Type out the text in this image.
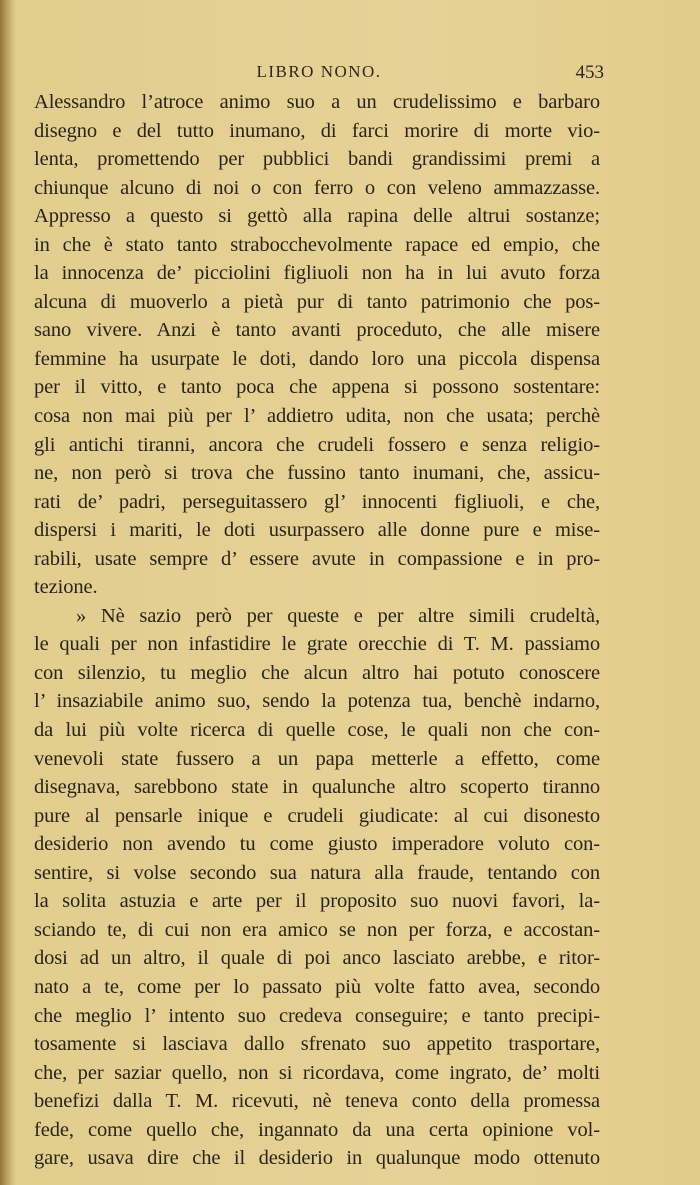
LIBRO NONO.	453
Alessandro l’atroce animo suo a un crudelissimo e barbaro
disegno e del tutto inumano, di farci morire di morte vio-
lenta, promettendo per pubblici bandi grandissimi premi a
chiunque alcuno di noi o con ferro o con veleno ammazzasse.
Appresso a questo si gettò alla rapina delle altrui sostanze;
in che è stato tanto strabocchevolmente rapace ed empio, che
la innocenza de’ picciolini figliuoli non ha in lui avuto forza
alcuna di muoverlo a pietà pur di tanto patrimonio che pos-
sano vivere. Anzi è tanto avanti proceduto, che alle misere
femmine ha usurpate le doti, dando loro una piccola dispensa
per il vitto, e tanto poca che appena si possono sostentare:
cosa non mai più per l’ addietro udita, non che usata; perchè
gli antichi tiranni, ancora che crudeli fossero e senza religio-
ne, non però si trova che fussino tanto inumani, che, assicu-
rati de’ padri, perseguitassero gl’ innocenti figliuoli, e che,
dispersi i mariti, le doti usurpassero alle donne pure e mise-
rabili, usate sempre d’ essere avute in compassione e in pro-
tezione.
» Nè sazio però per queste e per altre simili crudeltà,
le quali per non infastidire le grate orecchie di T. M. passiamo
con silenzio, tu meglio che alcun altro hai potuto conoscere
l’ insaziabile animo suo, sendo la potenza tua, benchè indarno,
da lui più volte ricerca di quelle cose, le quali non che con-
venevoli state fussero a un papa metterle a effetto, come
disegnava, sarebbono state in qualunche altro scoperto tiranno
pure al pensarle inique e crudeli giudicate: al cui disonesto
desiderio non avendo tu come giusto imperadore voluto con-
sentire, si volse secondo sua natura alla fraude, tentando con
la solita astuzia e arte per il proposito suo nuovi favori, la-
sciando te, di cui non era amico se non per forza, e accostan-
dosi ad un altro, il quale di poi anco lasciato arebbe, e ritor-
nato a te, come per lo passato più volte fatto avea, secondo
che meglio l’ intento suo credeva conseguire; e tanto precipi-
tosamente si lasciava dallo sfrenato suo appetito trasportare,
che, per saziar quello, non si ricordava, come ingrato, de’ molti
benefizi dalla T. M. ricevuti, nè teneva conto della promessa
fede, come quello che, ingannato da una certa opinione vol-
gare, usava dire che il desiderio in qualunque modo ottenuto
